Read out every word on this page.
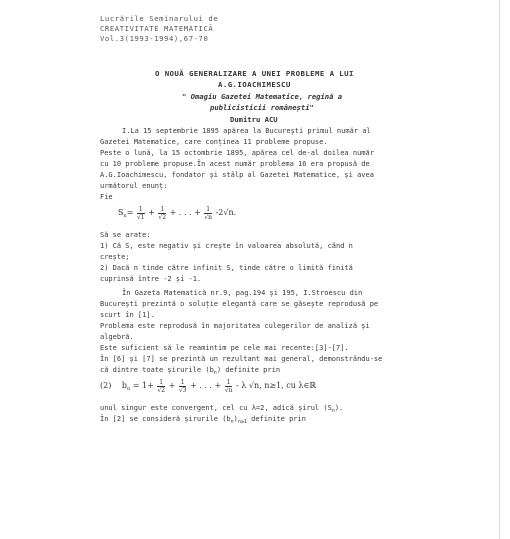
Lucrările Seminarului de
CREATIVITATE MATEMATICĂ
Vol.3(1993-1994),67-70
O NOUĂ GENERALIZARE A UNEI PROBLEME A LUI
A.G.IOACHIMESCU
" Omagiu Gazetei Matematice, regină a
publicisticii românești"
Dumitru ACU
I.La 15 septembrie 1895 apărea la București primul număr al
Gazetei Matematice, care conținea 11 probleme propuse.
Peste o lună, la 15 octombrie 1895, apărea cel de-al doilea număr
cu 10 probleme propuse.În acest număr problema 16 era propusă de
A.G.Ioachimescu, fondator și stâlp al Gazetei Matematice, și avea
următorul enunț:
Fie
$S_n= \frac{1}{√1} + \frac{1}{√2}$ + . . . + $\frac{1}{√n} -2√n$.
Să se arate:
1) Că S, este negativ și crește în valoarea absolută, când n
crește;
2) Dacă n tinde către infinit S, tinde către o limită finită
cuprinsă între -2 și -1.
În Gazeta Matematică nr.9, pag.194 și 195, I.Stroescu din
București prezintă o soluție elegantă care se găsește reprodusă pe
scurt în [1].
Problema este reprodusă în majoritatea culegerilor de analiză și
algebră.
Este suficient să le reamintim pe cele mai recente:[3]-[7].
În [6] și [7] se prezintă un rezultant mai general, demonstrându-se
că dintre toate șirurile $(b_n)$ definite prin
(2) $b_n = 1+ \frac{1}{√2} + \frac{1}{√3}$ + . . . + $\frac{1}{√n}$ - λ √n, n≥1, cu λ∈ℝ
unul singur este convergent, cel cu λ=2, adică șirul $(S_n)$.
În [2] se consideră șirurile $(b_n)_{n\ge 1}$ definite prin
